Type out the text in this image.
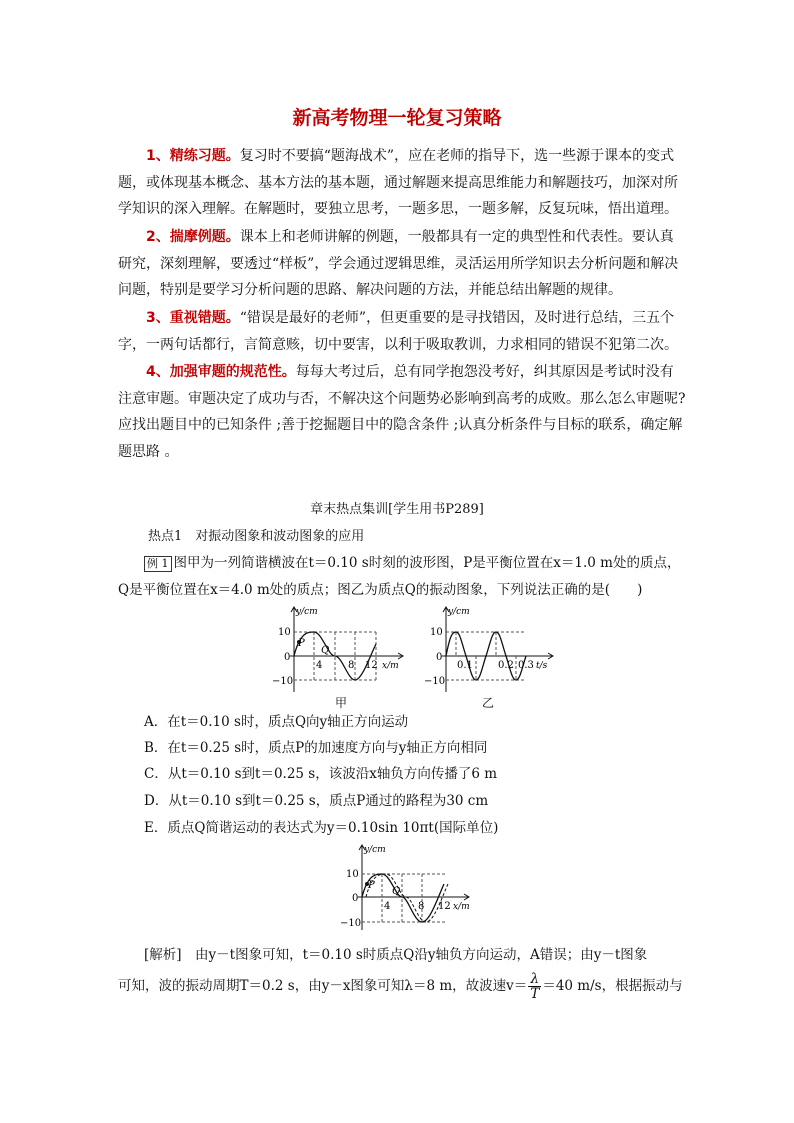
新高考物理一轮复习策略
1、精练习题。复习时不要搞“题海战术”，应在老师的指导下，选一些源于课本的变式题，或体现基本概念、基本方法的基本题，通过解题来提高思维能力和解题技巧，加深对所学知识的深入理解。在解题时，要独立思考，一题多思，一题多解，反复玩味，悟出道理。
2、揣摩例题。课本上和老师讲解的例题，一般都具有一定的典型性和代表性。要认真研究，深刻理解，要透过“样板”，学会通过逻辑思维，灵活运用所学知识去分析问题和解决问题，特别是要学习分析问题的思路、解决问题的方法，并能总结出解题的规律。
3、重视错题。“错误是最好的老师”，但更重要的是寻找错因，及时进行总结，三五个字，一两句话都行，言简意赅，切中要害，以利于吸取教训，力求相同的错误不犯第二次。
4、加强审题的规范性。每每大考过后，总有同学抱怨没考好，纠其原因是考试时没有注意审题。审题决定了成功与否，不解决这个问题势必影响到高考的成败。那么怎么审题呢?应找出题目中的已知条件 ;善于挖掘题目中的隐含条件 ;认真分析条件与目标的联系，确定解题思路 。
章末热点集训[学生用书P289]
热点1　对振动图象和波动图象的应用
例 1 图甲为一列简谐横波在t＝0.10 s时刻的波形图，P是平衡位置在x＝1.0 m处的质点，Q是平衡位置在x＝4.0 m处的质点；图乙为质点Q的振动图象，下列说法正确的是(　　)
P
Q
y/cm
10
0
−10
4	8 12 x/m
甲
y/cm
10
0
−10
0.1	0.2 0.3 t/s
乙
A．在t＝0.10 s时，质点Q向y轴正方向运动
B．在t＝0.25 s时，质点P的加速度方向与y轴正方向相同
C．从t＝0.10 s到t＝0.25 s，该波沿x轴负方向传播了6 m
D．从t＝0.10 s到t＝0.25 s，质点P通过的路程为30 cm
E．质点Q简谐运动的表达式为y＝0.10sin 10πt(国际单位)
P
Q
y/cm
10
0
−10
4	8 12 x/m
[解析]　由y－t图象可知，t＝0.10 s时质点Q沿y轴负方向运动，A错误；由y－t图象
可知，波的振动周期T＝0.2 s，由y－x图象可知λ＝8 m，故波速$v= \frac{\lambda}{T} =40$ m/s，根据振动与
